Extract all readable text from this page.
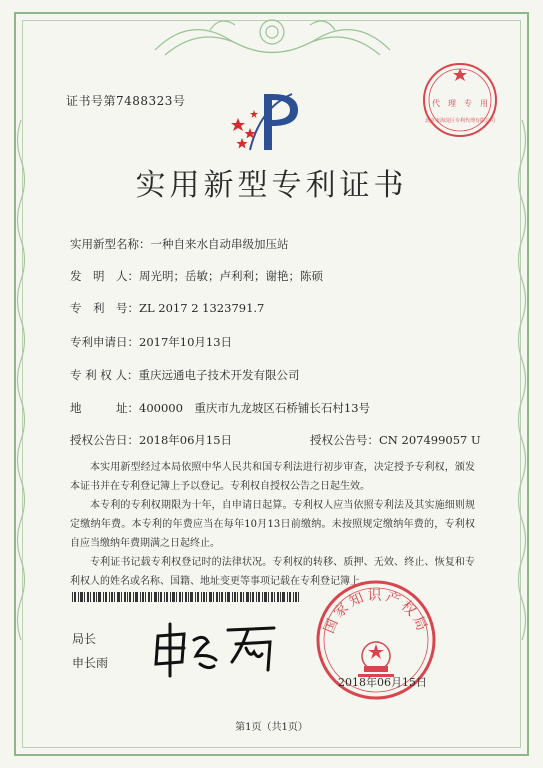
证书号第7488323号	代　理　专　用
北京市海淀区专利代理有限公司
实用新型专利证书
实用新型名称：一种自来水自动串级加压站
发　明　人：周光明；岳敏；卢利利；谢艳；陈硕
专　利　号：ZL 2017 2 1323791.7
专利申请日：2017年10月13日
专 利 权 人：重庆远通电子技术开发有限公司
地　　　址：400000　重庆市九龙坡区石桥铺长石村13号
授权公告日：2018年06月15日	授权公告号：CN 207499057 U

本实用新型经过本局依照中华人民共和国专利法进行初步审查，决定授予专利权，颁发本证书并在专利登记簿上予以登记。专利权自授权公告之日起生效。

本专利的专利权期限为十年，自申请日起算。专利权人应当依照专利法及其实施细则规定缴纳年费。本专利的年费应当在每年10月13日前缴纳。未按照规定缴纳年费的，专利权自应当缴纳年费期满之日起终止。

专利证书记载专利权登记时的法律状况。专利权的转移、质押、无效、终止、恢复和专利权人的姓名或名称、国籍、地址变更等事项记载在专利登记簿上。

局长
申长雨
国家知识产权局
2018年06月15日
第1页（共1页）
